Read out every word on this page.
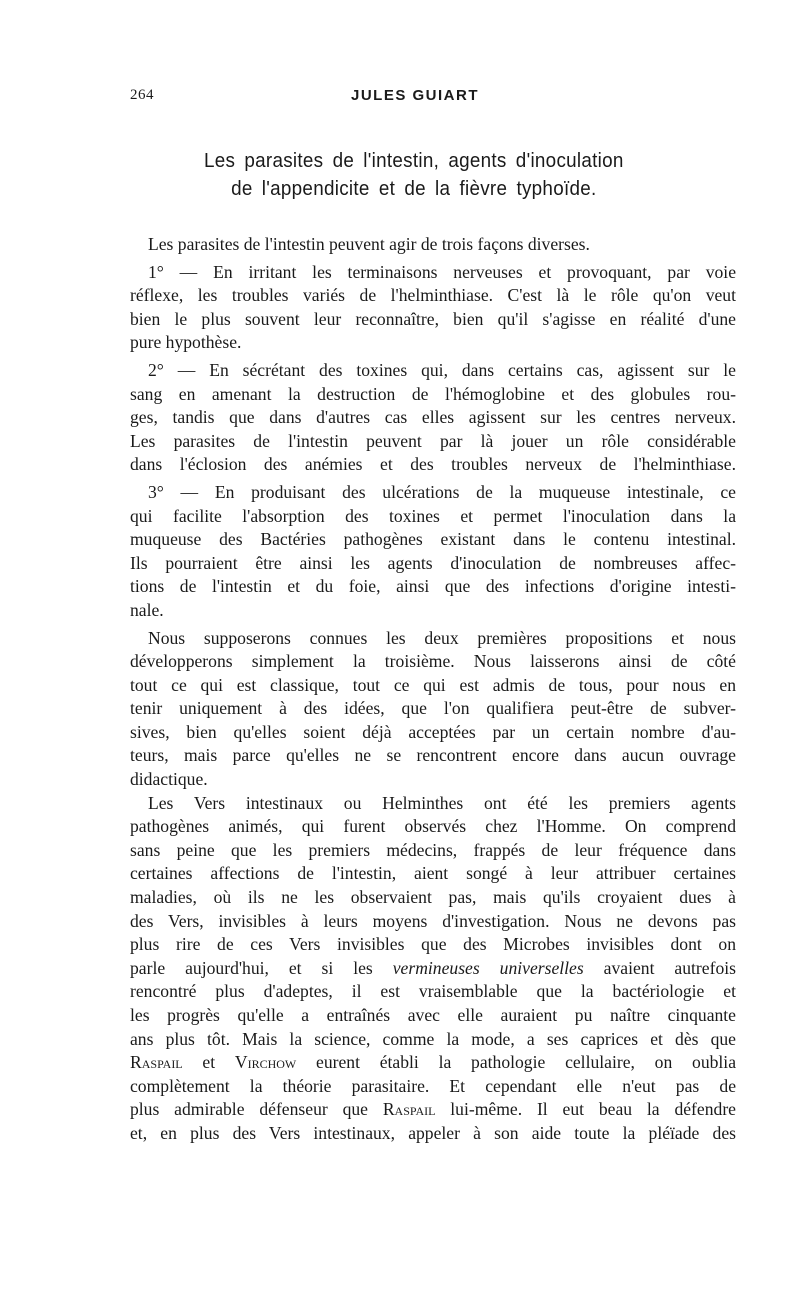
264	JULES GUIART
Les parasites de l'intestin, agents d'inoculation
de l'appendicite et de la fièvre typhoïde.
Les parasites de l'intestin peuvent agir de trois façons diverses.
1° — En irritant les terminaisons nerveuses et provoquant, par voie
réflexe, les troubles variés de l'helminthiase. C'est là le rôle qu'on veut
bien le plus souvent leur reconnaître, bien qu'il s'agisse en réalité d'une
pure hypothèse.
2° — En sécrétant des toxines qui, dans certains cas, agissent sur le
sang en amenant la destruction de l'hémoglobine et des globules rou-
ges, tandis que dans d'autres cas elles agissent sur les centres nerveux.
Les parasites de l'intestin peuvent par là jouer un rôle considérable
dans l'éclosion des anémies et des troubles nerveux de l'helminthiase.
3° — En produisant des ulcérations de la muqueuse intestinale, ce
qui facilite l'absorption des toxines et permet l'inoculation dans la
muqueuse des Bactéries pathogènes existant dans le contenu intestinal.
Ils pourraient être ainsi les agents d'inoculation de nombreuses affec-
tions de l'intestin et du foie, ainsi que des infections d'origine intesti-
nale.
Nous supposerons connues les deux premières propositions et nous
développerons simplement la troisième. Nous laisserons ainsi de côté
tout ce qui est classique, tout ce qui est admis de tous, pour nous en
tenir uniquement à des idées, que l'on qualifiera peut-être de subver-
sives, bien qu'elles soient déjà acceptées par un certain nombre d'au-
teurs, mais parce qu'elles ne se rencontrent encore dans aucun ouvrage
didactique.
Les Vers intestinaux ou Helminthes ont été les premiers agents
pathogènes animés, qui furent observés chez l'Homme. On comprend
sans peine que les premiers médecins, frappés de leur fréquence dans
certaines affections de l'intestin, aient songé à leur attribuer certaines
maladies, où ils ne les observaient pas, mais qu'ils croyaient dues à
des Vers, invisibles à leurs moyens d'investigation. Nous ne devons pas
plus rire de ces Vers invisibles que des Microbes invisibles dont on
parle aujourd'hui, et si les vermineuses universelles avaient autrefois
rencontré plus d'adeptes, il est vraisemblable que la bactériologie et
les progrès qu'elle a entraînés avec elle auraient pu naître cinquante
ans plus tôt. Mais la science, comme la mode, a ses caprices et dès que
Raspail et Virchow eurent établi la pathologie cellulaire, on oublia
complètement la théorie parasitaire. Et cependant elle n'eut pas de
plus admirable défenseur que Raspail lui-même. Il eut beau la défendre
et, en plus des Vers intestinaux, appeler à son aide toute la pléïade des
